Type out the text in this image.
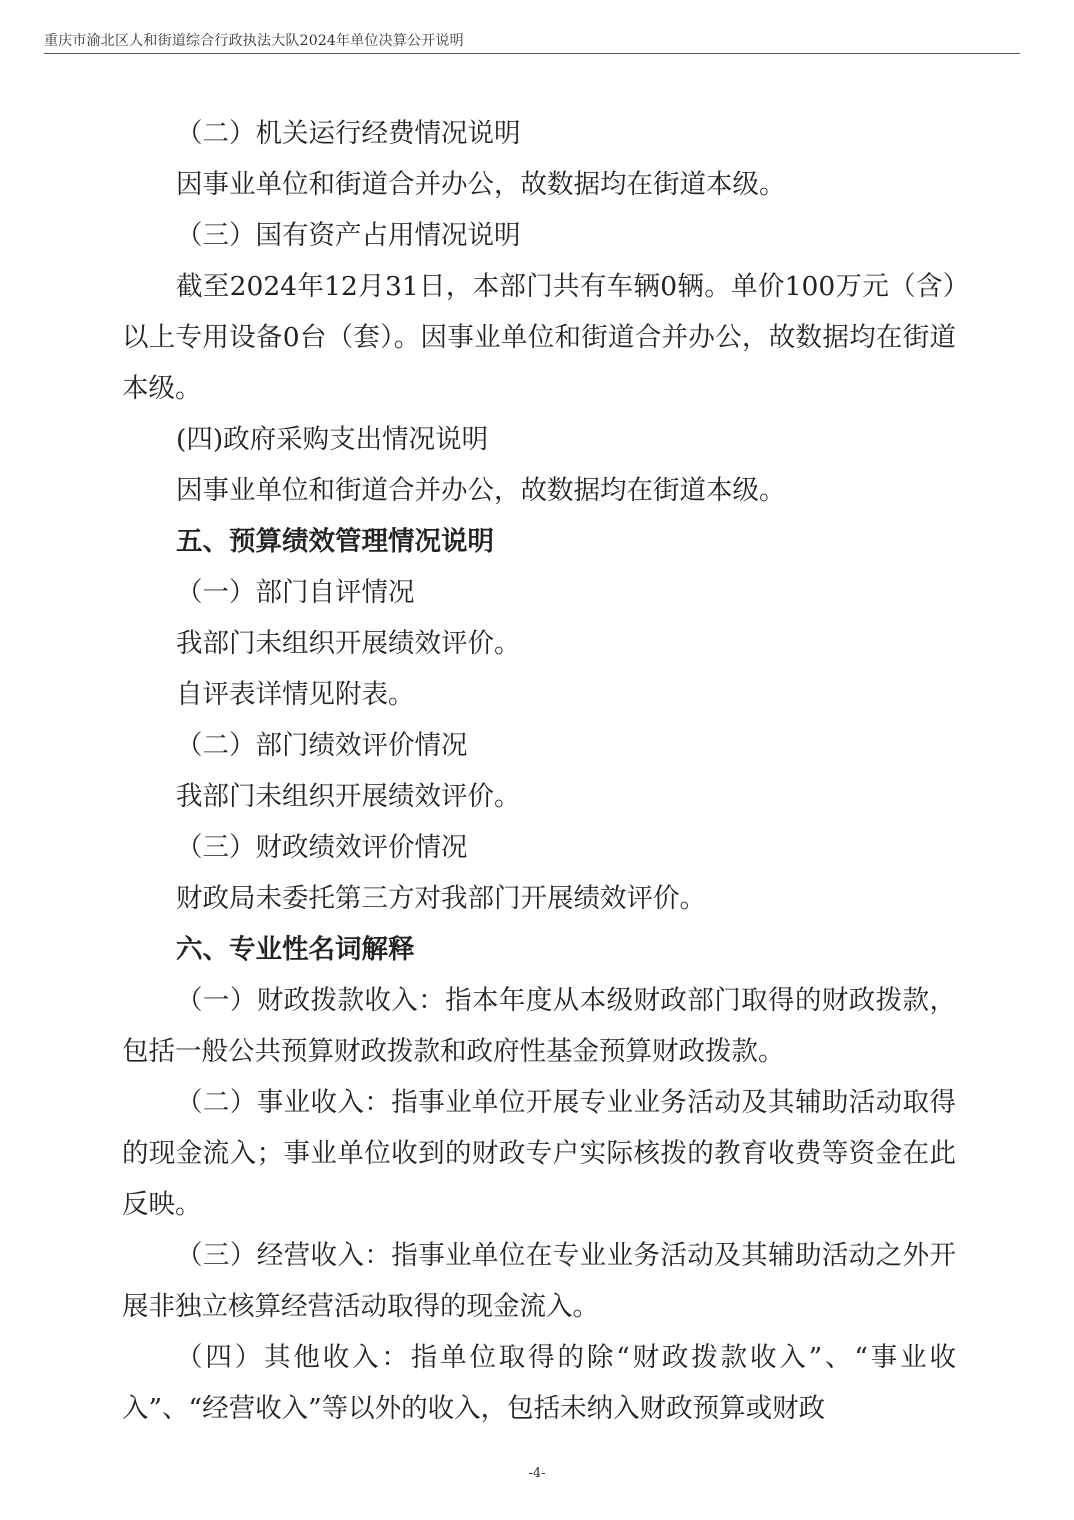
重庆市渝北区人和街道综合行政执法大队2024年单位决算公开说明
（二）机关运行经费情况说明
因事业单位和街道合并办公，故数据均在街道本级。
（三）国有资产占用情况说明
截至2024年12月31日，本部门共有车辆0辆。单价100万元（含）以上专用设备0台（套）。因事业单位和街道合并办公，故数据均在街道本级。
(四)政府采购支出情况说明
因事业单位和街道合并办公，故数据均在街道本级。
五、预算绩效管理情况说明
（一）部门自评情况
我部门未组织开展绩效评价。
自评表详情见附表。
（二）部门绩效评价情况
我部门未组织开展绩效评价。
（三）财政绩效评价情况
财政局未委托第三方对我部门开展绩效评价。
六、专业性名词解释
（一）财政拨款收入：指本年度从本级财政部门取得的财政拨款，包括一般公共预算财政拨款和政府性基金预算财政拨款。
（二）事业收入：指事业单位开展专业业务活动及其辅助活动取得的现金流入；事业单位收到的财政专户实际核拨的教育收费等资金在此反映。
（三）经营收入：指事业单位在专业业务活动及其辅助活动之外开展非独立核算经营活动取得的现金流入。
（四）其他收入：指单位取得的除“财政拨款收入”、“事业收入”、“经营收入”等以外的收入，包括未纳入财政预算或财政
-4-
